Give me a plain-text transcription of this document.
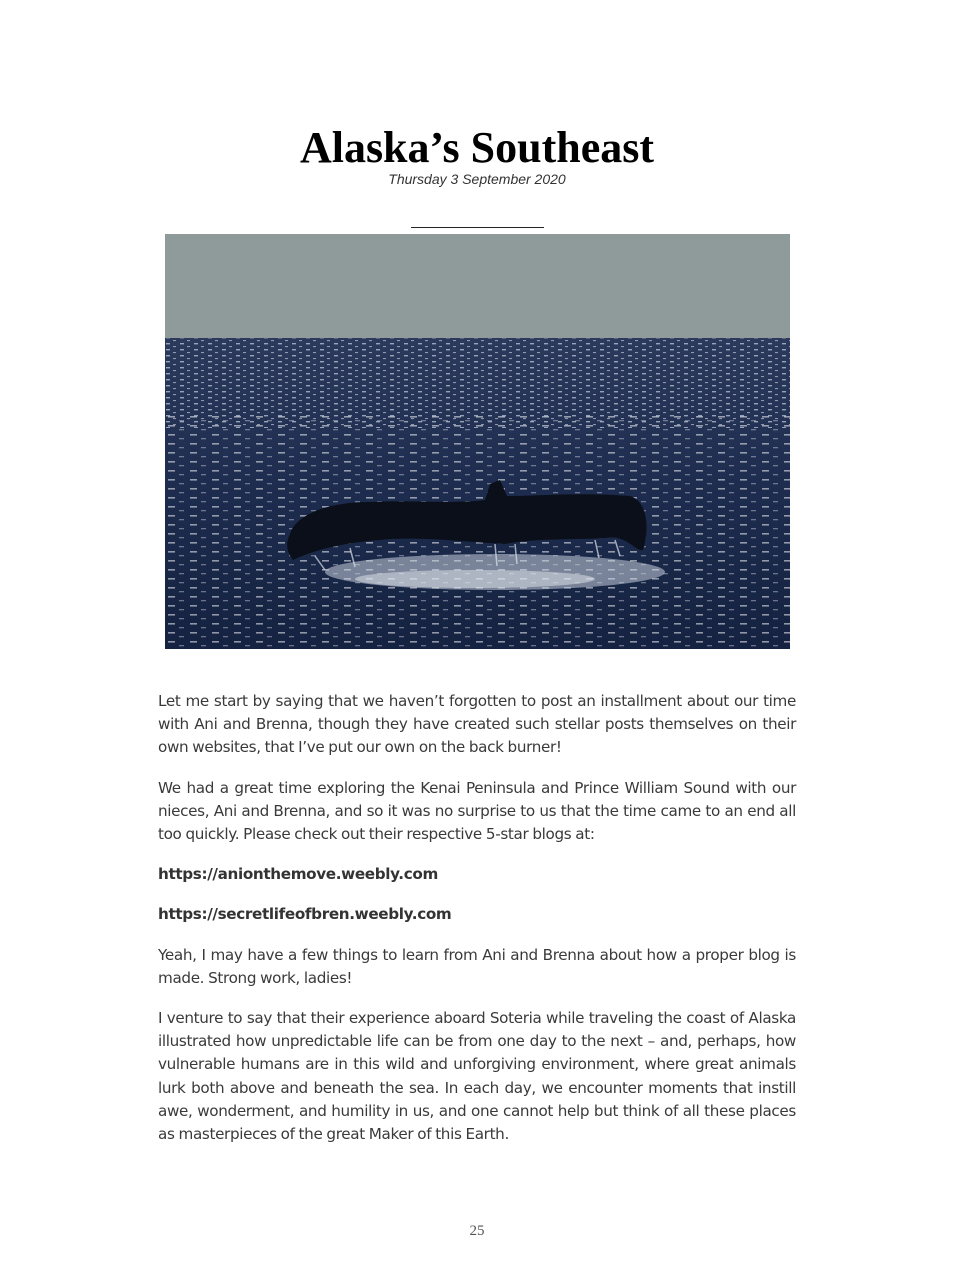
Alaska’s Southeast
Thursday 3 September 2020

Let me start by saying that we haven’t forgotten to post an installment about our time with Ani and Brenna, though they have created such stellar posts themselves on their own websites, that I’ve put our own on the back burner!

We had a great time exploring the Kenai Peninsula and Prince William Sound with our nieces, Ani and Brenna, and so it was no surprise to us that the time came to an end all too quickly. Please check out their respective 5-star blogs at:

https://anionthemove.weebly.com

https://secretlifeofbren.weebly.com

Yeah, I may have a few things to learn from Ani and Brenna about how a proper blog is made. Strong work, ladies!

I venture to say that their experience aboard Soteria while traveling the coast of Alaska illustrated how unpredictable life can be from one day to the next – and, perhaps, how vulnerable humans are in this wild and unforgiving environment, where great animals lurk both above and beneath the sea. In each day, we encounter moments that instill awe, wonderment, and humility in us, and one cannot help but think of all these places as masterpieces of the great Maker of this Earth.

25
